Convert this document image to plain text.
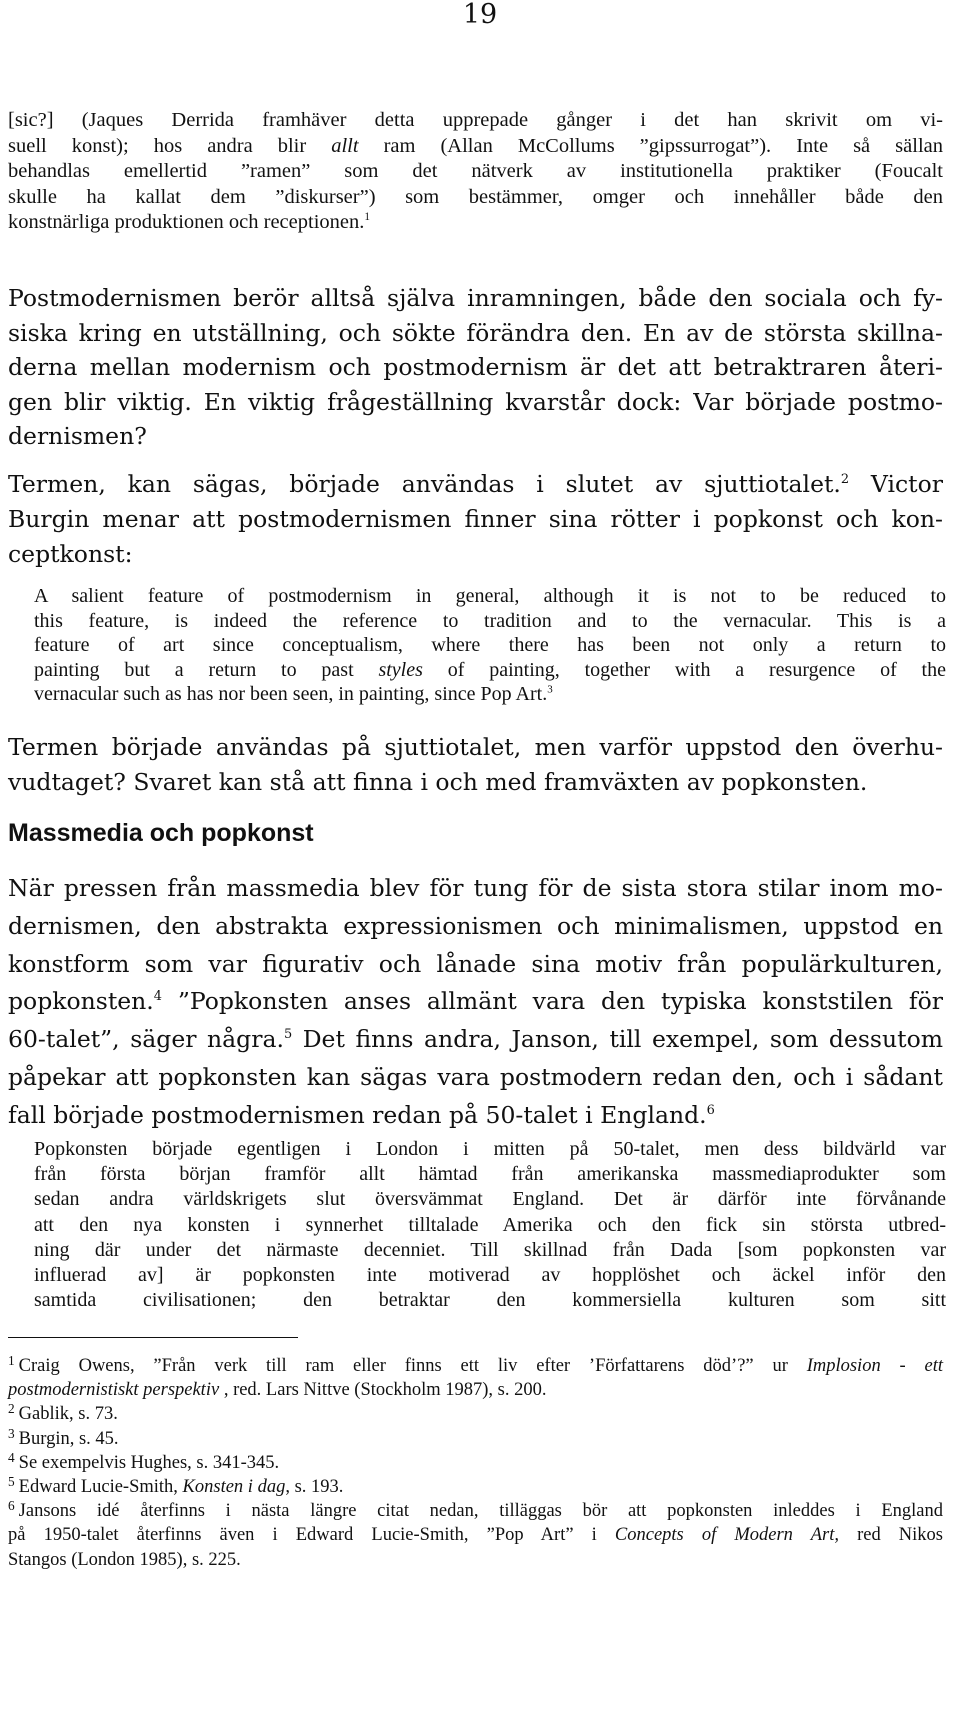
19
[sic?] (Jaques Derrida framhäver detta upprepade gånger i det han skrivit om vi-
suell konst); hos andra blir allt ram (Allan McCollums ”gipssurrogat”). Inte så sällan
behandlas emellertid ”ramen” som det nätverk av institutionella praktiker (Foucalt
skulle ha kallat dem ”diskurser”) som bestämmer, omger och innehåller både den
konstnärliga produktionen och receptionen.$^1$
Postmodernismen berör alltså själva inramningen, både den sociala och fy-
siska kring en utställning, och sökte förändra den. En av de största skillna-
derna mellan modernism och postmodernism är det att betraktraren återi-
gen blir viktig. En viktig frågeställning kvarstår dock: Var började postmo-
dernismen?
Termen, kan sägas, började användas i slutet av sjuttiotalet.$^2$ Victor
Burgin menar att postmodernismen finner sina rötter i popkonst och kon-
ceptkonst:
A salient feature of postmodernism in general, although it is not to be reduced to
this feature, is indeed the reference to tradition and to the vernacular. This is a
feature of art since conceptualism, where there has been not only a return to
painting but a return to past styles of painting, together with a resurgence of the
vernacular such as has nor been seen, in painting, since Pop Art.$^3$
Termen började användas på sjuttiotalet, men varför uppstod den överhu-
vudtaget? Svaret kan stå att finna i och med framväxten av popkonsten.
Massmedia och popkonst
När pressen från massmedia blev för tung för de sista stora stilar inom mo-
dernismen, den abstrakta expressionismen och minimalismen, uppstod en
konstform som var figurativ och lånade sina motiv från populärkulturen,
popkonsten.$^4$ ”Popkonsten anses allmänt vara den typiska konststilen för
60-talet”, säger några.$^5$ Det finns andra, Janson, till exempel, som dessutom
påpekar att popkonsten kan sägas vara postmodern redan den, och i sådant
fall började postmodernismen redan på 50-talet i England.$^6$
Popkonsten började egentligen i London i mitten på 50-talet, men dess bildvärld var
från första början framför allt hämtad från amerikanska massmediaprodukter som
sedan andra världskrigets slut översvämmat England. Det är därför inte förvånande
att den nya konsten i synnerhet tilltalade Amerika och den fick sin största utbred-
ning där under det närmaste decenniet. Till skillnad från Dada [som popkonsten var
influerad av] är popkonsten inte motiverad av hopplöshet och äckel inför den
samtida civilisationen; den betraktar den kommersiella kulturen som sitt
$^1$ Craig Owens, ”Från verk till ram eller finns ett liv efter ’Författarens död’?” ur Implosion - ett
postmodernistiskt perspektiv , red. Lars Nittve (Stockholm 1987), s. 200.
$^2$ Gablik, s. 73.
$^3$ Burgin, s. 45.
$^4$ Se exempelvis Hughes, s. 341-345.
$^5$ Edward Lucie-Smith, Konsten i dag, s. 193.
$^6$ Jansons idé återfinns i nästa längre citat nedan, tilläggas bör att popkonsten inleddes i England
på 1950-talet återfinns även i Edward Lucie-Smith, ”Pop Art” i Concepts of Modern Art, red Nikos
Stangos (London 1985), s. 225.
